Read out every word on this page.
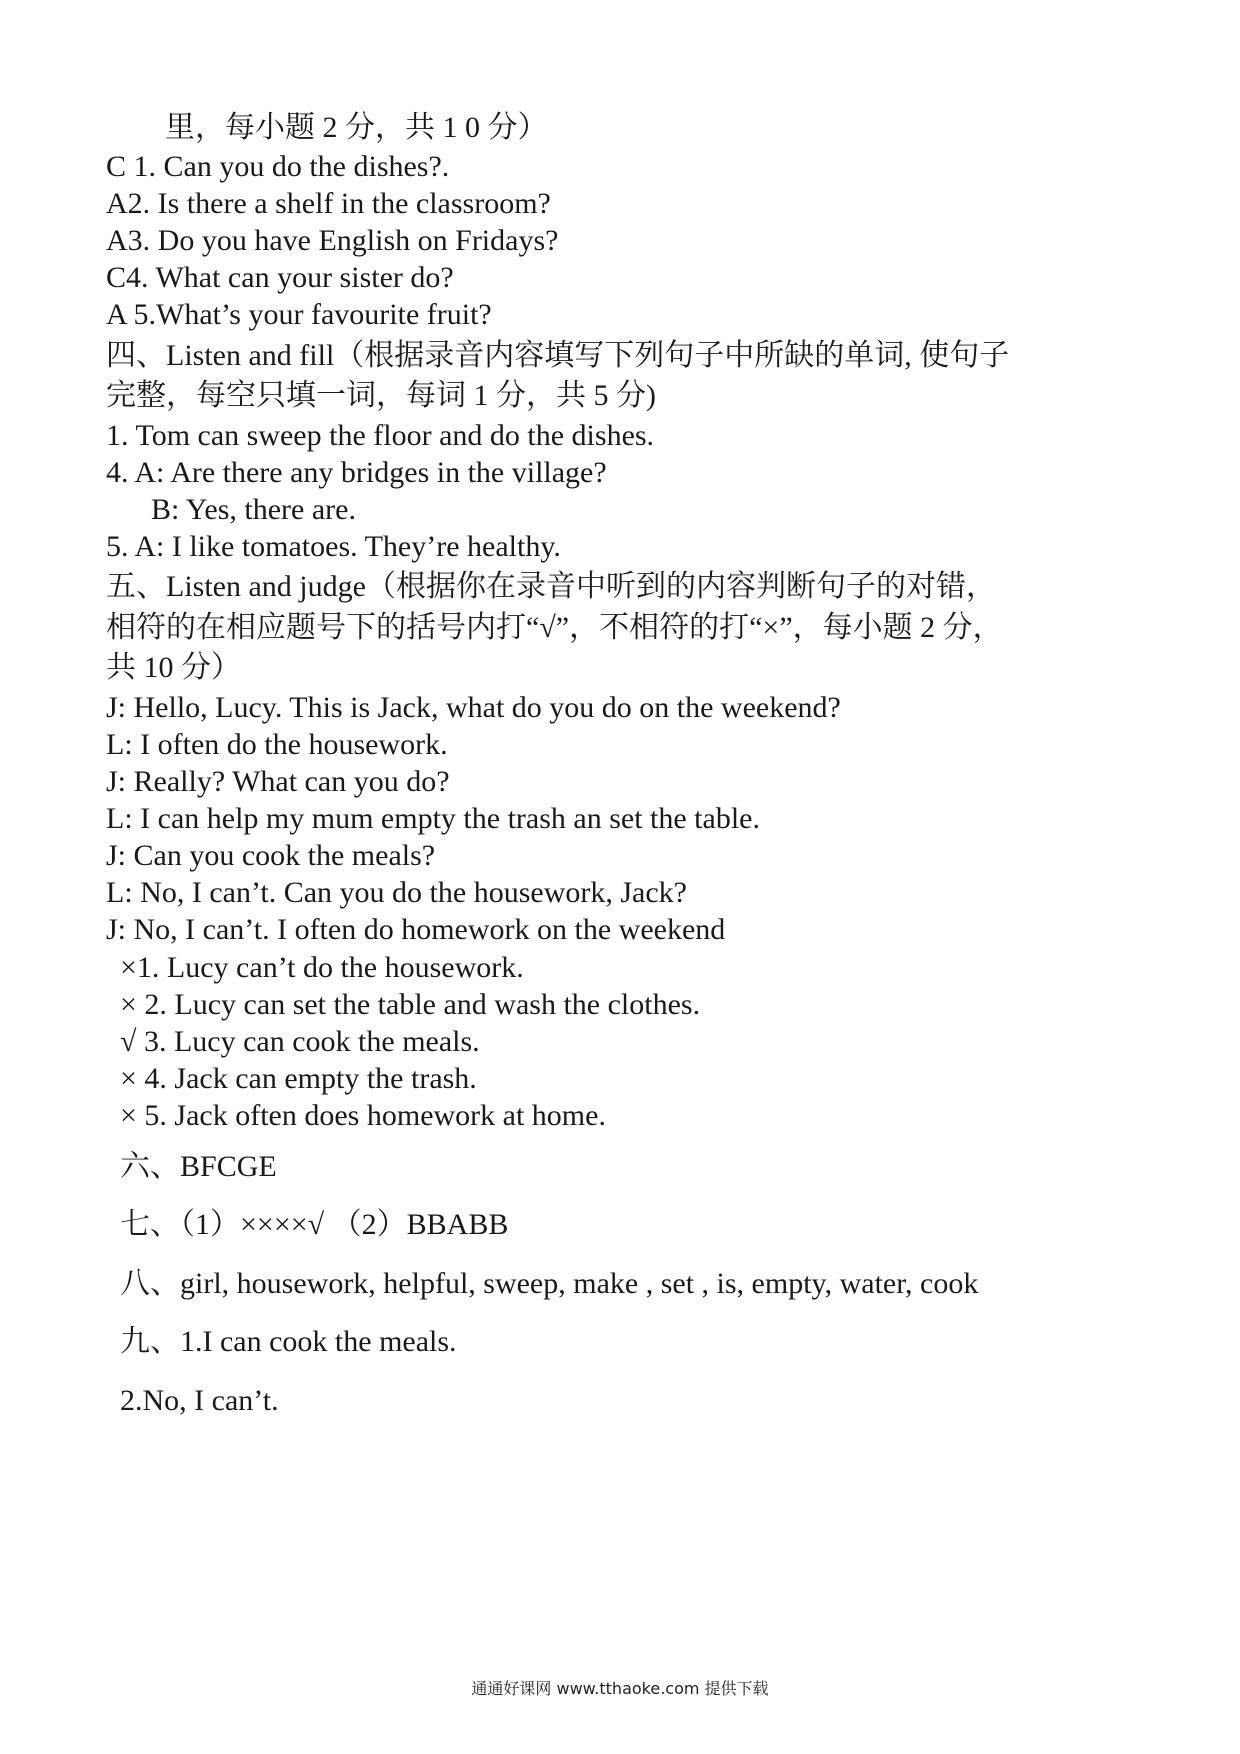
里，每小题 2 分，共 1 0 分）
C 1. Can you do the dishes?.
A2. Is there a shelf in the classroom?
A3. Do you have English on Fridays?
C4. What can your sister do?
A 5.What’s your favourite fruit?
四、Listen and fill（根据录音内容填写下列句子中所缺的单词, 使句子
完整，每空只填一词，每词 1 分，共 5 分)
1. Tom can sweep the floor and do the dishes.
4. A: Are there any bridges in the village?
B: Yes, there are.
5. A: I like tomatoes. They’re healthy.
五、Listen and judge（根据你在录音中听到的内容判断句子的对错，
相符的在相应题号下的括号内打“√”，不相符的打“×”，每小题 2 分，
共 10 分）
J: Hello, Lucy. This is Jack, what do you do on the weekend?
L: I often do the housework.
J: Really? What can you do?
L: I can help my mum empty the trash an set the table.
J: Can you cook the meals?
L: No, I can’t. Can you do the housework, Jack?
J: No, I can’t. I often do homework on the weekend
×1. Lucy can’t do the housework.
× 2. Lucy can set the table and wash the clothes.
√ 3. Lucy can cook the meals.
× 4. Jack can empty the trash.
× 5. Jack often does homework at home.
六、BFCGE
七、（1）××××√ （2）BBABB
八、girl, housework, helpful, sweep, make , set , is, empty, water, cook
九、1.I can cook the meals.
2.No, I can’t.
通通好课网 www.tthaoke.com 提供下载
